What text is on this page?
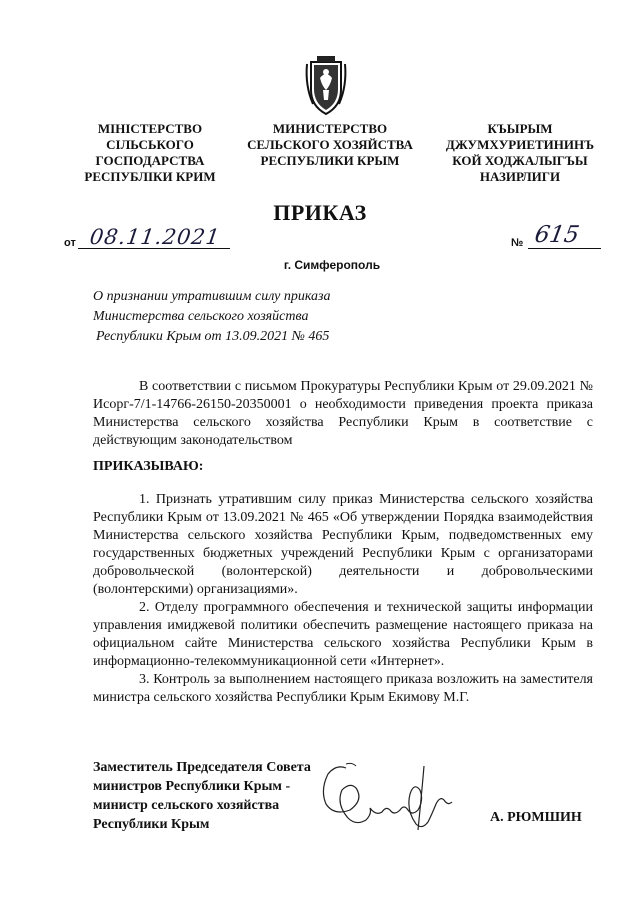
МІНІСТЕРСТВО
СІЛЬСЬКОГО
ГОСПОДАРСТВА
РЕСПУБЛІКИ КРИМ
МИНИСТЕРСТВО
СЕЛЬСКОГО ХОЗЯЙСТВА
РЕСПУБЛИКИ КРЫМ
КЪЫРЫМ
ДЖУМХУРИЕТИНИНЪ
КОЙ ХОДЖАЛЫГЪЫ
НАЗИРЛИГИ
ПРИКАЗ
от 08.11.2021	№ 615
г. Симферополь
О признании утратившим силу приказа
Министерства сельского хозяйства
Республики Крым от 13.09.2021 № 465
В соответствии с письмом Прокуратуры Республики Крым от 29.09.2021 № Исорг-7/1-14766-26150-20350001 о необходимости приведения проекта приказа Министерства сельского хозяйства Республики Крым в соответствие с действующим законодательством
ПРИКАЗЫВАЮ:

1. Признать утратившим силу приказ Министерства сельского хозяйства Республики Крым от 13.09.2021 № 465 «Об утверждении Порядка взаимодействия Министерства сельского хозяйства Республики Крым, подведомственных ему государственных бюджетных учреждений Республики Крым с организаторами добровольческой (волонтерской) деятельности и добровольческими (волонтерскими) организациями».

2. Отделу программного обеспечения и технической защиты информации управления имиджевой политики обеспечить размещение настоящего приказа на официальном сайте Министерства сельского хозяйства Республики Крым в информационно-телекоммуникационной сети «Интернет».

3. Контроль за выполнением настоящего приказа возложить на заместителя министра сельского хозяйства Республики Крым Екимову М.Г.

Заместитель Председателя Совета
министров Республики Крым -
министр сельского хозяйства
Республики Крым	А. РЮМШИН
